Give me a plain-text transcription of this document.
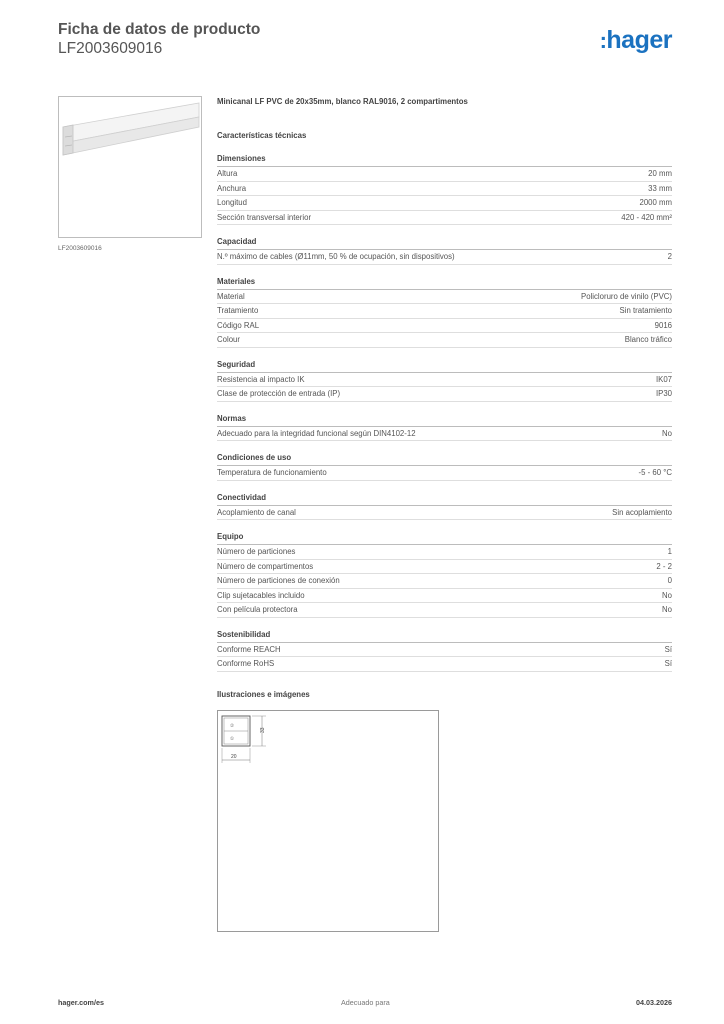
Ficha de datos de producto
LF2003609016	:hager
LF2003609016
Minicanal LF PVC de 20x35mm, blanco RAL9016, 2 compartimentos
Características técnicas
Dimensiones
Altura	20 mm
Anchura	33 mm
Longitud	2000 mm
Sección transversal interior	420 - 420 mm²
Capacidad
N.º máximo de cables (Ø11mm, 50 % de ocupación, sin dispositivos)	2
Materiales
Material	Policloruro de vinilo (PVC)
Tratamiento	Sin tratamiento
Código RAL	9016
Colour	Blanco tráfico
Seguridad
Resistencia al impacto IK	IK07
Clase de protección de entrada (IP)	IP30
Normas
Adecuado para la integridad funcional según DIN4102-12	No
Condiciones de uso
Temperatura de funcionamiento	-5 - 60 °C
Conectividad
Acoplamiento de canal	Sin acoplamiento
Equipo
Número de particiones	1
Número de compartimentos	2 - 2
Número de particiones de conexión	0
Clip sujetacables incluido	No
Con película protectora	No
Sostenibilidad
Conforme REACH	Sí
Conforme RoHS	Sí
Ilustraciones e imágenes
②
①
33
20
hager.com/es	Adecuado para	04.03.2026
